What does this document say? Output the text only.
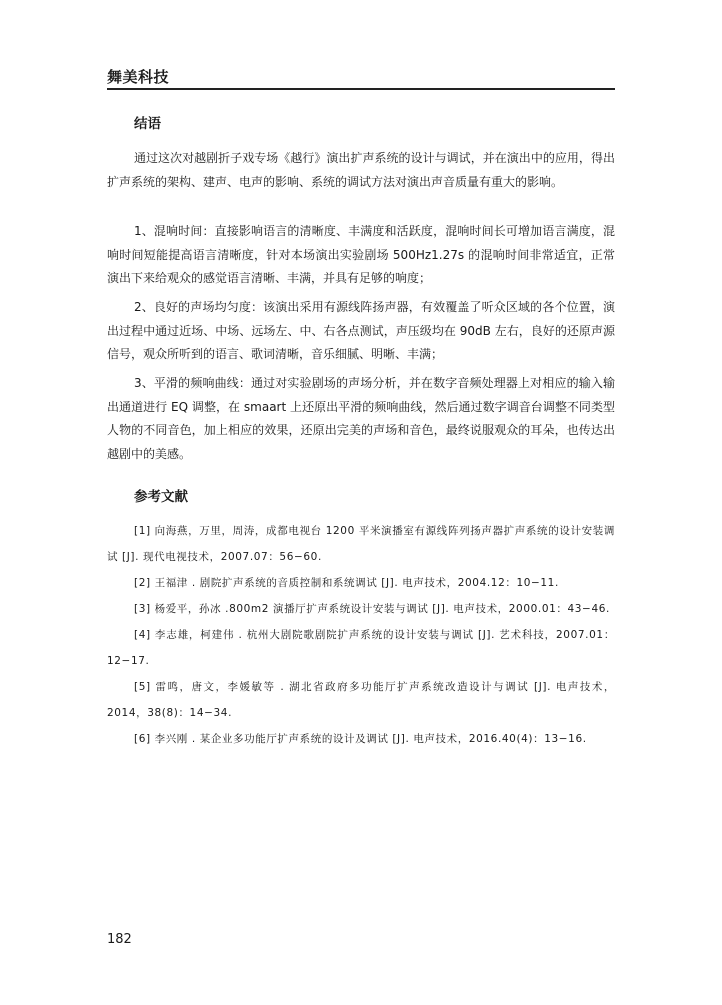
舞美科技
结语

通过这次对越剧折子戏专场《越行》演出扩声系统的设计与调试，并在演出中的应用，得出扩声系统的架构、建声、电声的影响、系统的调试方法对演出声音质量有重大的影响。

1、混响时间：直接影响语言的清晰度、丰满度和活跃度，混响时间长可增加语言满度，混响时间短能提高语言清晰度，针对本场演出实验剧场 500Hz1.27s 的混响时间非常适宜，正常演出下来给观众的感觉语言清晰、丰满，并具有足够的响度；

2、良好的声场均匀度：该演出采用有源线阵扬声器，有效覆盖了听众区域的各个位置，演出过程中通过近场、中场、远场左、中、右各点测试，声压级均在 90dB 左右，良好的还原声源信号，观众所听到的语言、歌词清晰，音乐细腻、明晰、丰满；

3、平滑的频响曲线：通过对实验剧场的声场分析，并在数字音频处理器上对相应的输入输出通道进行 EQ 调整，在 smaart 上还原出平滑的频响曲线，然后通过数字调音台调整不同类型人物的不同音色，加上相应的效果，还原出完美的声场和音色，最终说服观众的耳朵，也传达出越剧中的美感。

参考文献

[1] 向海燕，万里，周涛，成都电视台 1200 平米演播室有源线阵列扬声器扩声系统的设计安装调试 [J]. 现代电视技术，2007.07：56−60.

[2] 王福津 . 剧院扩声系统的音质控制和系统调试 [J]. 电声技术，2004.12：10−11.

[3] 杨爱平，孙冰 .800m2 演播厅扩声系统设计安装与调试 [J]. 电声技术，2000.01：43−46.

[4] 李志雄，柯建伟 . 杭州大剧院歌剧院扩声系统的设计安装与调试 [J]. 艺术科技，2007.01：12−17.

[5] 雷鸣，唐文，李媛敏等 . 湖北省政府多功能厅扩声系统改造设计与调试 [J]. 电声技术，2014，38(8)：14−34.

[6] 李兴刚 . 某企业多功能厅扩声系统的设计及调试 [J]. 电声技术，2016.40(4)：13−16.

182
